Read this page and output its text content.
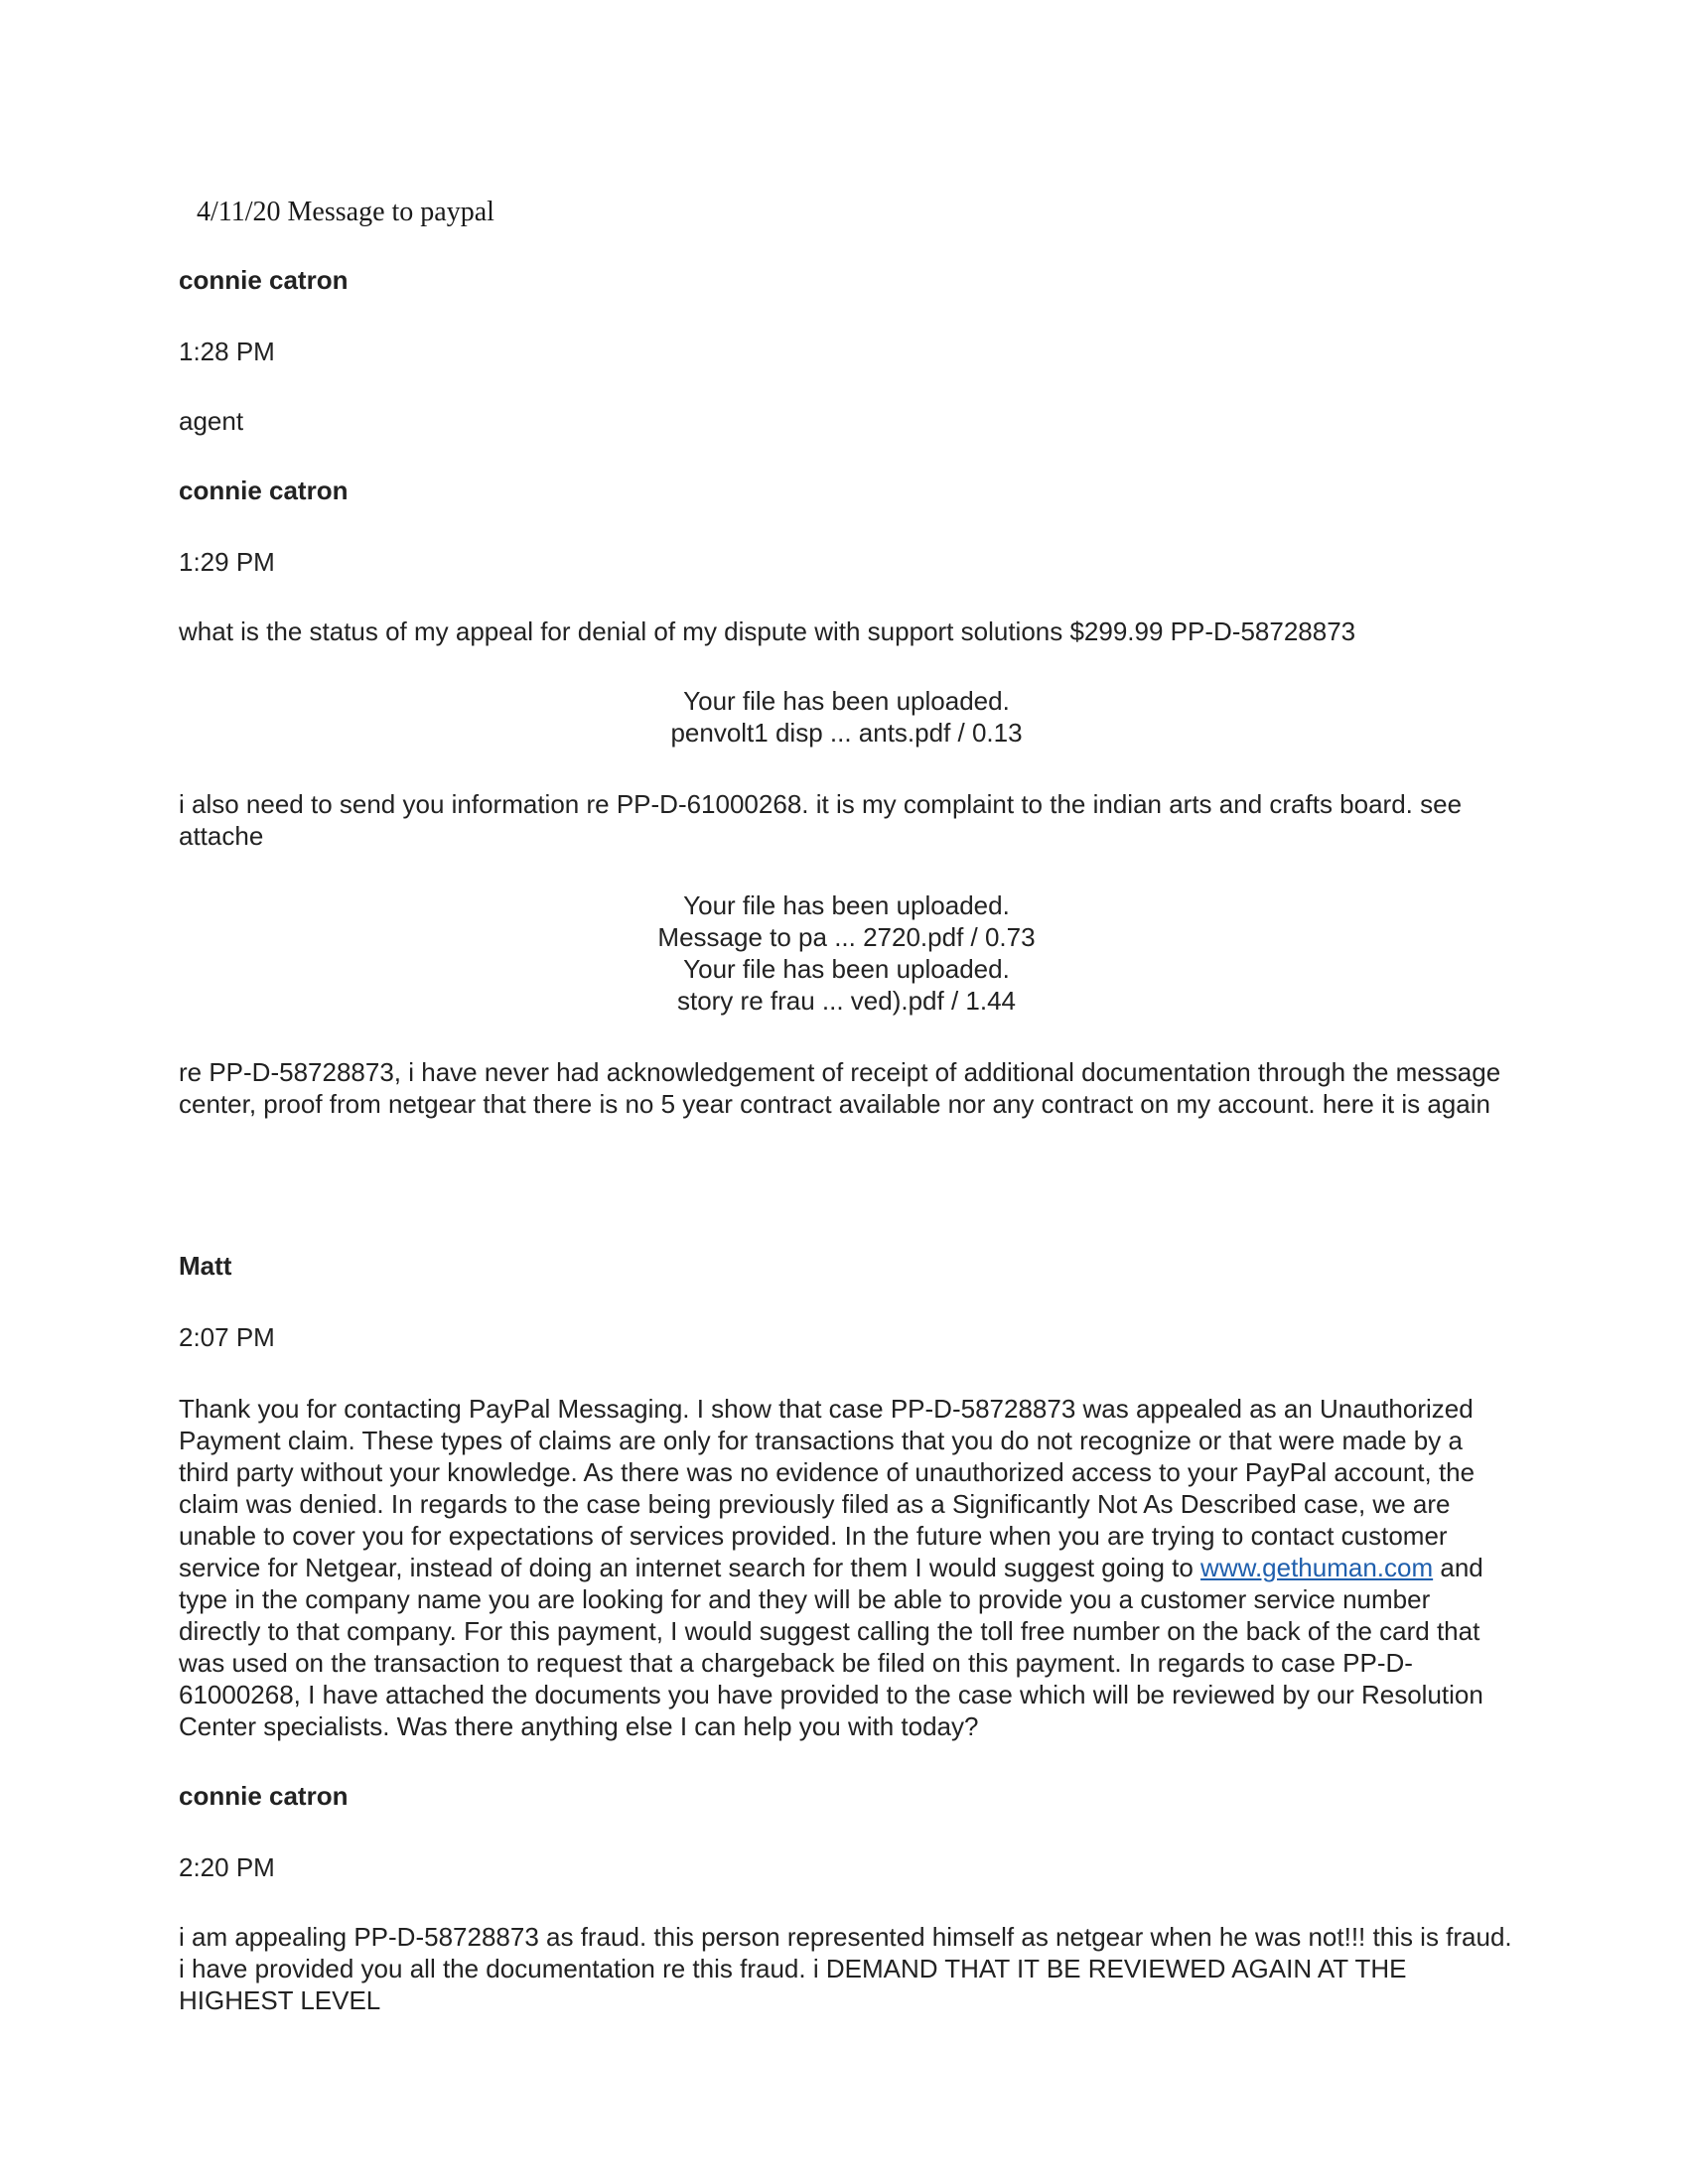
4/11/20 Message to paypal

connie catron

1:28 PM

agent

connie catron

1:29 PM

what is the status of my appeal for denial of my dispute with support solutions $299.99 PP-D-58728873

Your file has been uploaded.

penvolt1 disp ... ants.pdf / 0.13

i also need to send you information re PP-D-61000268. it is my complaint to the indian arts and crafts board. see attache

Your file has been uploaded.

Message to pa ... 2720.pdf / 0.73

Your file has been uploaded.

story re frau ... ved).pdf / 1.44

re PP-D-58728873, i have never had acknowledgement of receipt of additional documentation through the message center, proof from netgear that there is no 5 year contract available nor any contract on my account. here it is again

Matt

2:07 PM

Thank you for contacting PayPal Messaging. I show that case PP-D-58728873 was appealed as an Unauthorized Payment claim. These types of claims are only for transactions that you do not recognize or that were made by a third party without your knowledge. As there was no evidence of unauthorized access to your PayPal account, the claim was denied. In regards to the case being previously filed as a Significantly Not As Described case, we are unable to cover you for expectations of services provided. In the future when you are trying to contact customer service for Netgear, instead of doing an internet search for them I would suggest going to www.gethuman.com and type in the company name you are looking for and they will be able to provide you a customer service number directly to that company. For this payment, I would suggest calling the toll free number on the back of the card that was used on the transaction to request that a chargeback be filed on this payment. In regards to case PP-D-61000268, I have attached the documents you have provided to the case which will be reviewed by our Resolution Center specialists. Was there anything else I can help you with today?

connie catron

2:20 PM

i am appealing PP-D-58728873 as fraud. this person represented himself as netgear when he was not!!! this is fraud. i have provided you all the documentation re this fraud. i DEMAND THAT IT BE REVIEWED AGAIN AT THE HIGHEST LEVEL
